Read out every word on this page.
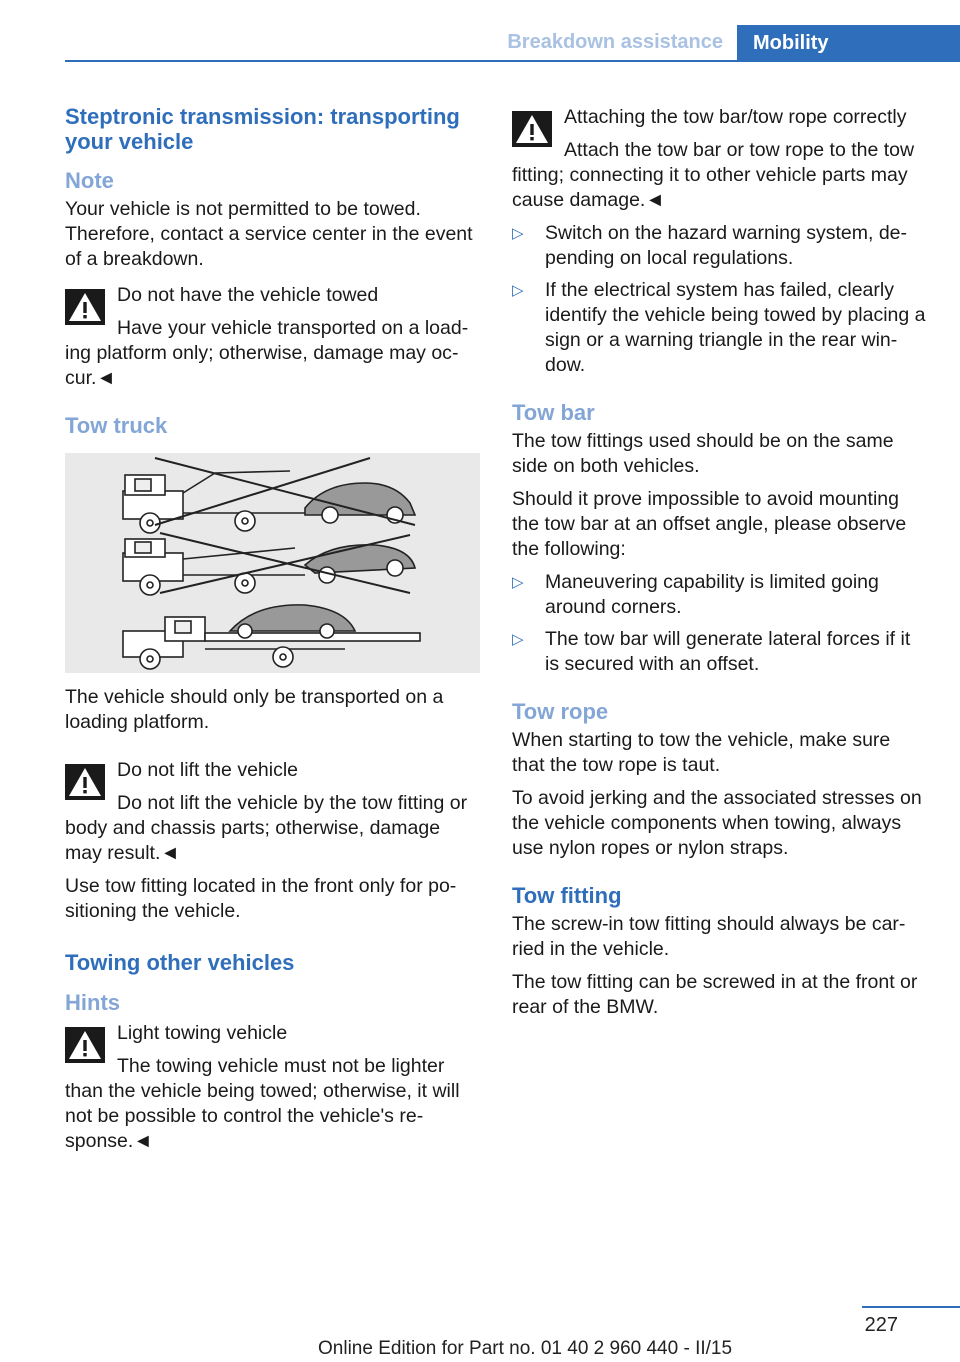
Breakdown assistance	Mobility
Steptronic transmission: transporting your vehicle
Note

Your vehicle is not permitted to be towed. Therefore, contact a service center in the event of a breakdown.

Do not have the vehicle towed

Have your vehicle transported on a loading platform only; otherwise, damage may occur.◄

Tow truck

The vehicle should only be transported on a loading platform.

Do not lift the vehicle

Do not lift the vehicle by the tow fitting or body and chassis parts; otherwise, damage may result.◄

Use tow fitting located in the front only for positioning the vehicle.

Towing other vehicles
Hints

Light towing vehicle

The towing vehicle must not be lighter than the vehicle being towed; otherwise, it will not be possible to control the vehicle's response.◄

Attaching the tow bar/tow rope correctly

Attach the tow bar or tow rope to the tow fitting; connecting it to other vehicle parts may cause damage.◄

▷ Switch on the hazard warning system, depending on local regulations.
▷ If the electrical system has failed, clearly identify the vehicle being towed by placing a sign or a warning triangle in the rear window.
Tow bar

The tow fittings used should be on the same side on both vehicles.

Should it prove impossible to avoid mounting the tow bar at an offset angle, please observe the following:

▷ Maneuvering capability is limited going around corners.
▷ The tow bar will generate lateral forces if it is secured with an offset.
Tow rope

When starting to tow the vehicle, make sure that the tow rope is taut.

To avoid jerking and the associated stresses on the vehicle components when towing, always use nylon ropes or nylon straps.

Tow fitting

The screw-in tow fitting should always be carried in the vehicle.

The tow fitting can be screwed in at the front or rear of the BMW.

227
Online Edition for Part no. 01 40 2 960 440 - II/15
